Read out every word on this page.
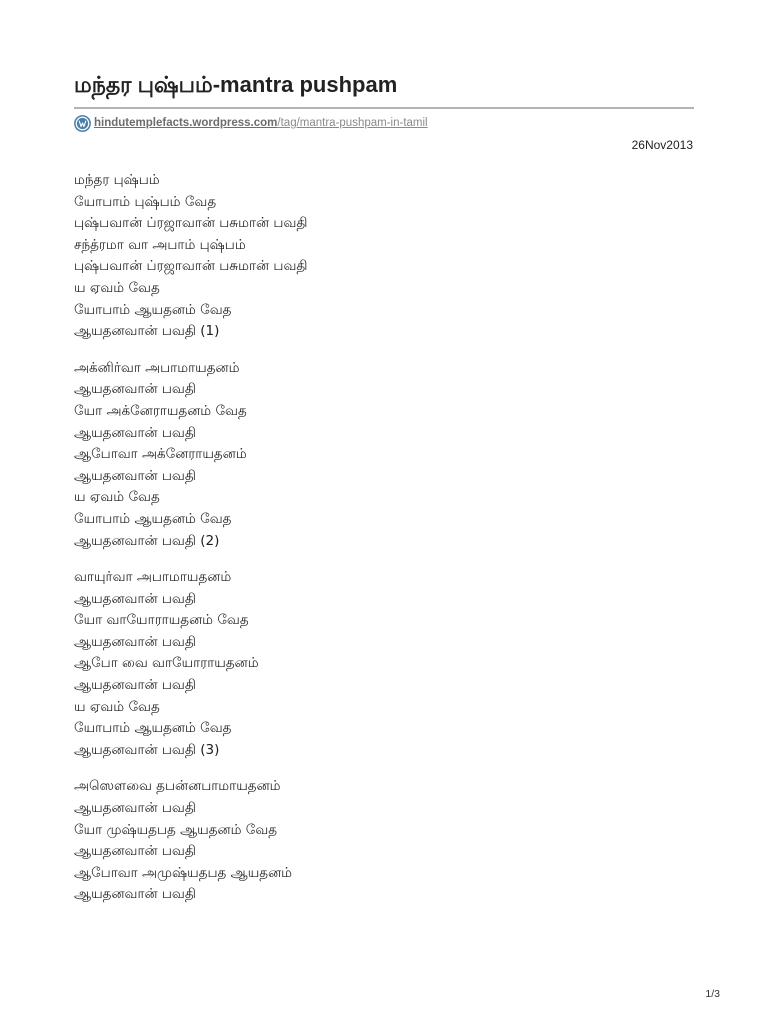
மந்தர புஷ்பம்-mantra pushpam
hindutemplefacts.wordpress.com /tag/mantra-pushpam-in-tamil
26Nov2013
மந்தர புஷ்பம்
யோபாம் புஷ்பம் வேத
புஷ்பவான் ப்ரஜாவான் பசுமான் பவதி
சந்த்ரமா வா அபாம் புஷ்பம்
புஷ்பவான் ப்ரஜாவான் பசுமான் பவதி
ய ஏவம் வேத
யோபாம் ஆயதனம் வேத
ஆயதனவான் பவதி (1)
அக்னிர்வா அபாமாயதனம்
ஆயதனவான் பவதி
யோ அக்னேராயதனம் வேத
ஆயதனவான் பவதி
ஆபோவா அக்னேராயதனம்
ஆயதனவான் பவதி
ய ஏவம் வேத
யோபாம் ஆயதனம் வேத
ஆயதனவான் பவதி (2)
வாயுர்வா அபாமாயதனம்
ஆயதனவான் பவதி
யோ வாயோராயதனம் வேத
ஆயதனவான் பவதி
ஆபோ வை வாயோராயதனம்
ஆயதனவான் பவதி
ய ஏவம் வேத
யோபாம் ஆயதனம் வேத
ஆயதனவான் பவதி (3)
அஸௌவை தபன்னபாமாயதனம்
ஆயதனவான் பவதி
யோ முஷ்யதபத ஆயதனம் வேத
ஆயதனவான் பவதி
ஆபோவா அமுஷ்யதபத ஆயதனம்
ஆயதனவான் பவதி
1/3
